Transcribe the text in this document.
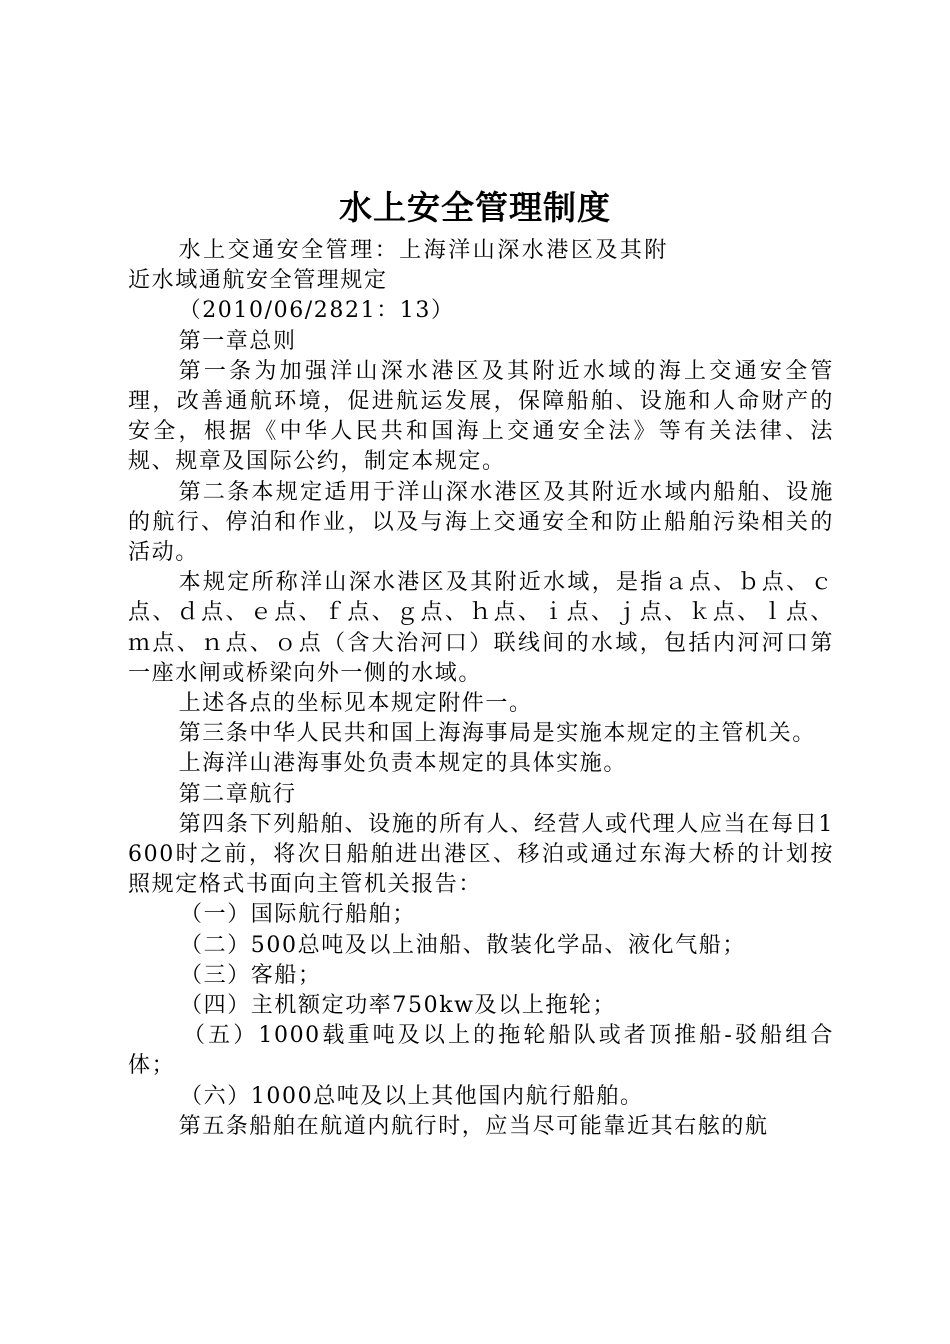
水上安全管理制度

水上交通安全管理：上海洋山深水港区及其附近水域通航安全管理规定

（2010/06/2821：13）

第一章总则

第一条为加强洋山深水港区及其附近水域的海上交通安全管理，改善通航环境，促进航运发展，保障船舶、设施和人命财产的安全，根据《中华人民共和国海上交通安全法》等有关法律、法规、规章及国际公约，制定本规定。

第二条本规定适用于洋山深水港区及其附近水域内船舶、设施的航行、停泊和作业，以及与海上交通安全和防止船舶污染相关的活动。

本规定所称洋山深水港区及其附近水域，是指ａ点、ｂ点、ｃ点、ｄ点、ｅ点、ｆ点、ｇ点、ｈ点、ｉ点、ｊ点、ｋ点、ｌ点、ｍ点、ｎ点、ｏ点（含大治河口）联线间的水域，包括内河河口第一座水闸或桥梁向外一侧的水域。

上述各点的坐标见本规定附件一。

第三条中华人民共和国上海海事局是实施本规定的主管机关。

上海洋山港海事处负责本规定的具体实施。

第二章航行

第四条下列船舶、设施的所有人、经营人或代理人应当在每日1600时之前，将次日船舶进出港区、移泊或通过东海大桥的计划按照规定格式书面向主管机关报告：

（一）国际航行船舶；

（二）500总吨及以上油船、散装化学品、液化气船；

（三）客船；

（四）主机额定功率750kw及以上拖轮；

（五）1000载重吨及以上的拖轮船队或者顶推船-驳船组合体；

（六）1000总吨及以上其他国内航行船舶。

第五条船舶在航道内航行时，应当尽可能靠近其右舷的航
